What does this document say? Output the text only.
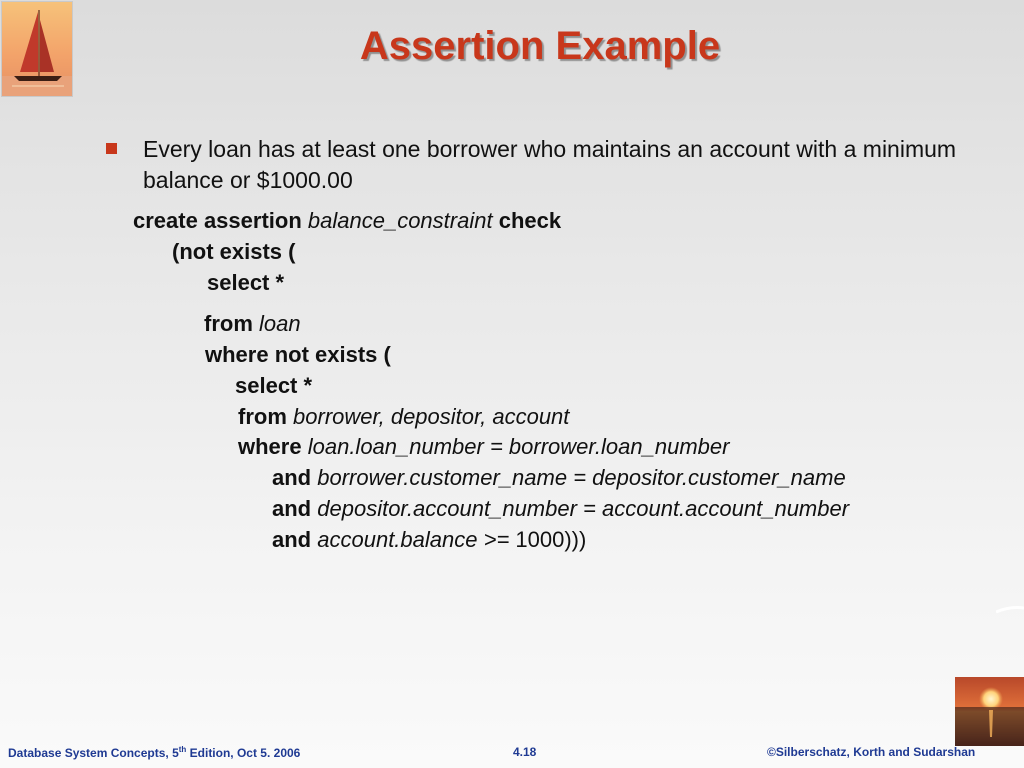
Assertion Example
Every loan has at least one borrower who maintains an account with a minimum balance or $1000.00
create assertion balance_constraint check
(not exists (
select *
from loan
where not exists (
select *
from borrower, depositor, account
where loan.loan_number = borrower.loan_number
and borrower.customer_name = depositor.customer_name
and depositor.account_number = account.account_number
and account.balance >= 1000)))
Database System Concepts, 5th Edition, Oct 5. 2006	4.18	©Silberschatz, Korth and Sudarshan
